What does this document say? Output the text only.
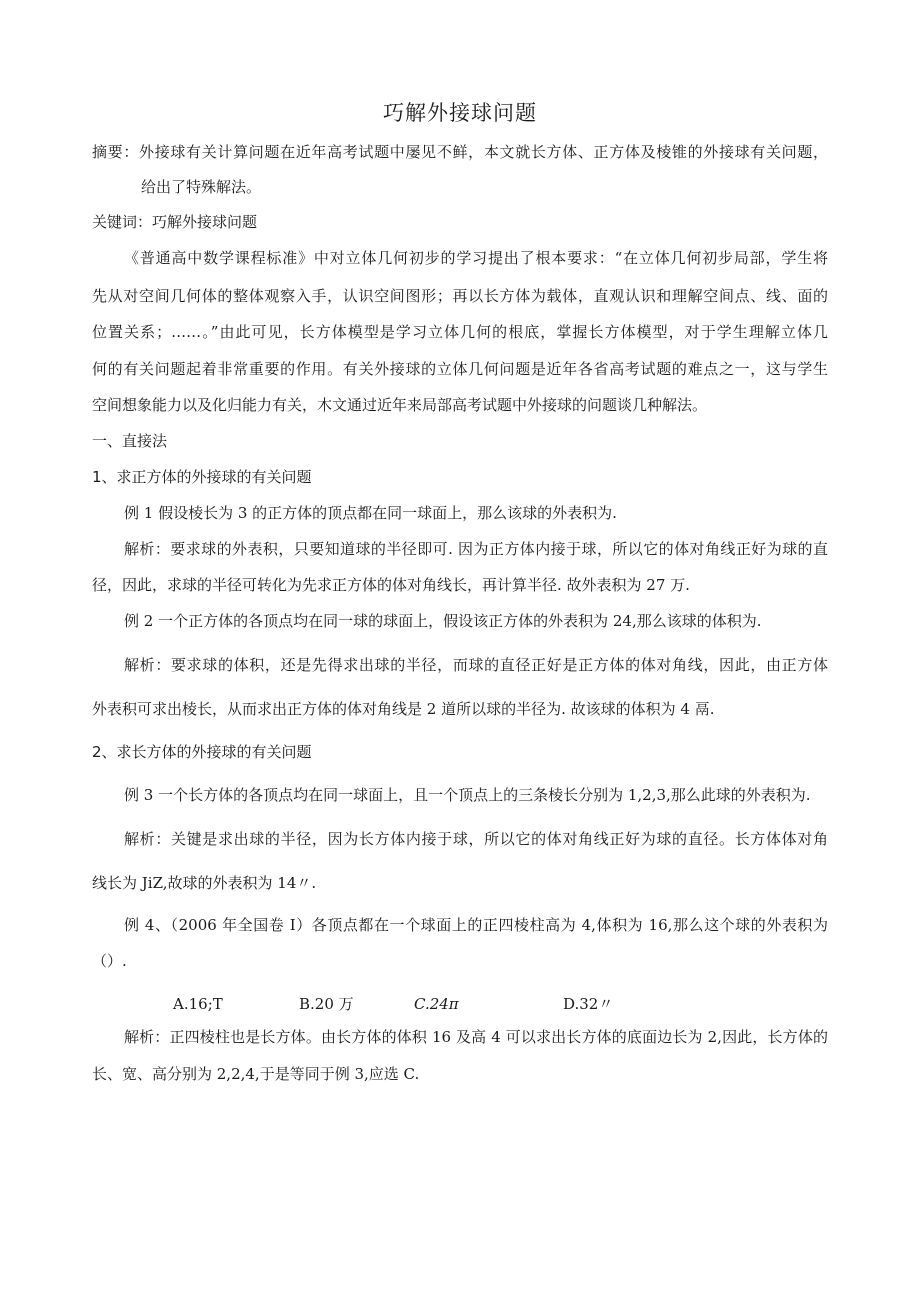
巧解外接球问题
摘要：外接球有关计算问题在近年高考试题中屡见不鲜，本文就长方体、正方体及棱锥的外接球有关问题，
给出了特殊解法。
关键词：巧解外接球问题
《普通高中数学课程标准》中对立体几何初步的学习提出了根本要求：“在立体几何初步局部，学生将
先从对空间几何体的整体观察入手，认识空间图形；再以长方体为载体，直观认识和理解空间点、线、面的
位置关系；……。”由此可见，长方体模型是学习立体几何的根底，掌握长方体模型，对于学生理解立体几
何的有关问题起着非常重要的作用。有关外接球的立体几何问题是近年各省高考试题的难点之一，这与学生
空间想象能力以及化归能力有关，木文通过近年来局部高考试题中外接球的问题谈几种解法。
一、直接法
1、求正方体的外接球的有关问题
例 1 假设棱长为 3 的正方体的顶点都在同一球面上，那么该球的外表积为.
解析：要求球的外表积，只要知道球的半径即可. 因为正方体内接于球，所以它的体对角线正好为球的直
径，因此，求球的半径可转化为先求正方体的体对角线长，再计算半径. 故外表积为 27 万.
例 2 一个正方体的各顶点均在同一球的球面上，假设该正方体的外表积为 24,那么该球的体积为.
解析：要求球的体积，还是先得求出球的半径，而球的直径正好是正方体的体对角线，因此，由正方体
外表积可求出棱长，从而求出正方体的体对角线是 2 道所以球的半径为. 故该球的体积为 4 鬲.
2、求长方体的外接球的有关问题
例 3 一个长方体的各顶点均在同一球面上，且一个顶点上的三条棱长分别为 1,2,3,那么此球的外表积为.
解析：关键是求出球的半径，因为长方体内接于球，所以它的体对角线正好为球的直径。长方体体对角
线长为 JiZ,故球的外表积为 14〃.
例 4、（2006 年全国卷 I）各顶点都在一个球面上的正四棱柱高为 4,体积为 16,那么这个球的外表积为
（）.
A.16;T	B.20 万	C.24π	D.32〃
解析：正四棱柱也是长方体。由长方体的体积 16 及高 4 可以求出长方体的底面边长为 2,因此，长方体的
长、宽、高分别为 2,2,4,于是等同于例 3,应选 C.
